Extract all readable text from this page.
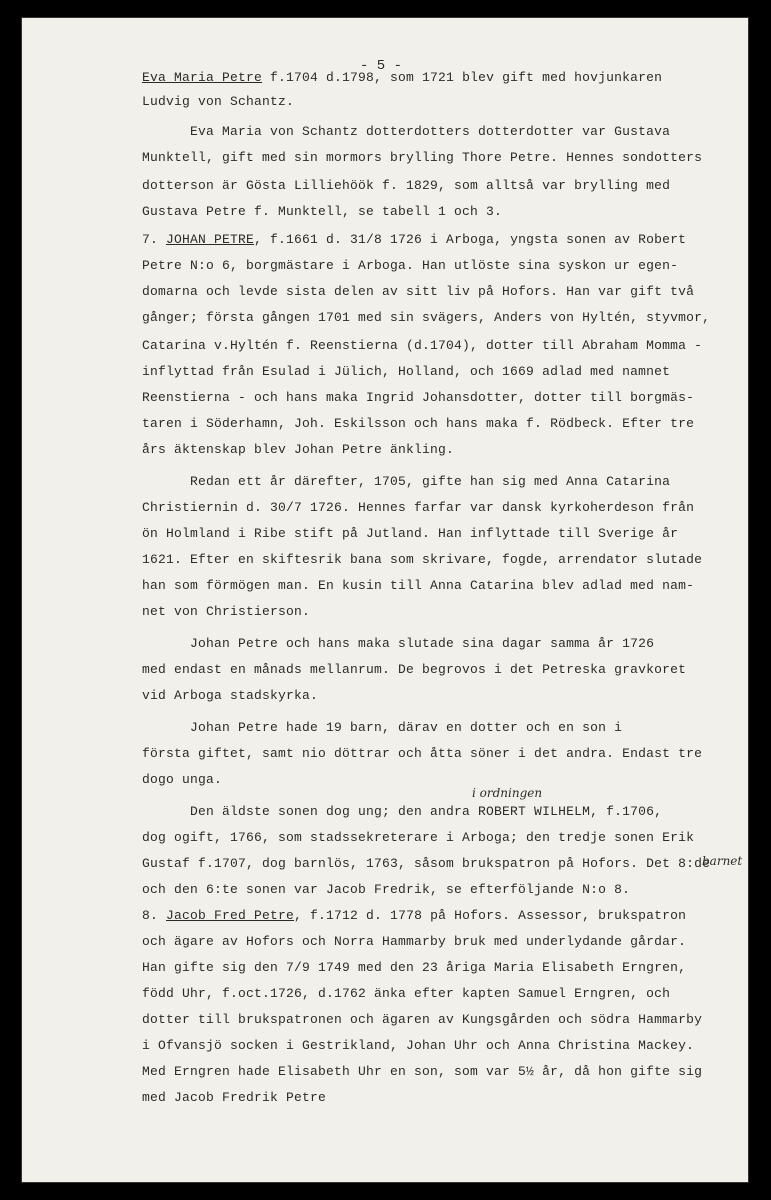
- 5 -
Eva Maria Petre f.1704 d.1798, som 1721 blev gift med hovjunkaren
Ludvig von Schantz.
Eva Maria von Schantz dotterdotters dotterdotter var Gustava
Munktell, gift med sin mormors brylling Thore Petre. Hennes sondotters
dotterson är Gösta Lilliehöök f. 1829, som alltså var brylling med
Gustava Petre f. Munktell, se tabell 1 och 3.
7. JOHAN PETRE, f.1661 d. 31/8 1726 i Arboga, yngsta sonen av Robert
Petre N:o 6, borgmästare i Arboga. Han utlöste sina syskon ur egen-
domarna och levde sista delen av sitt liv på Hofors. Han var gift två
gånger; första gången 1701 med sin svägers, Anders von Hyltén, styvmor,
Catarina v.Hyltén f. Reenstierna (d.1704), dotter till Abraham Momma -
inflyttad från Esulad i Jülich, Holland, och 1669 adlad med namnet
Reenstierna - och hans maka Ingrid Johansdotter, dotter till borgmäs-
taren i Söderhamn, Joh. Eskilsson och hans maka f. Rödbeck. Efter tre
års äktenskap blev Johan Petre änkling.
Redan ett år därefter, 1705, gifte han sig med Anna Catarina
Christiernin d. 30/7 1726. Hennes farfar var dansk kyrkoherdeson från
ön Holmland i Ribe stift på Jutland. Han inflyttade till Sverige år
1621. Efter en skiftesrik bana som skrivare, fogde, arrendator slutade
han som förmögen man. En kusin till Anna Catarina blev adlad med nam-
net von Christierson.
Johan Petre och hans maka slutade sina dagar samma år 1726
med endast en månads mellanrum. De begrovos i det Petreska gravkoret
vid Arboga stadskyrka.
Johan Petre hade 19 barn, därav en dotter och en son i
första giftet, samt nio döttrar och åtta söner i det andra. Endast tre
dogo unga.
Den äldste sonen dog ung; den andra ROBERT WILHELM, f.1706,
dog ogift, 1766, som stadssekreterare i Arboga; den tredje sonen Erik
Gustaf f.1707, dog barnlös, 1763, såsom brukspatron på Hofors. Det 8:de
och den 6:te sonen var Jacob Fredrik, se efterföljande N:o 8.
8. Jacob Fred Petre, f.1712 d. 1778 på Hofors. Assessor, brukspatron
och ägare av Hofors och Norra Hammarby bruk med underlydande gårdar.
Han gifte sig den 7/9 1749 med den 23 åriga Maria Elisabeth Erngren,
född Uhr, f.oct.1726, d.1762 änka efter kapten Samuel Erngren, och
dotter till brukspatronen och ägaren av Kungsgården och södra Hammarby
i Ofvansjö socken i Gestrikland, Johan Uhr och Anna Christina Mackey.
Med Erngren hade Elisabeth Uhr en son, som var 5½ år, då hon gifte sig
med Jacob Fredrik Petre
i ordningen
barnet
